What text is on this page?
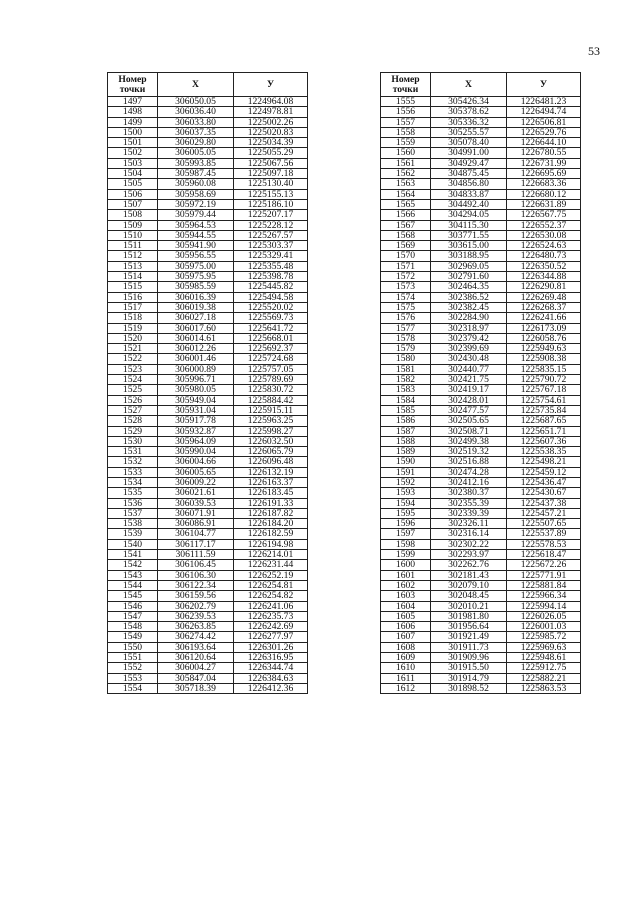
53
Номер
точки	X	У
1497	306050.05	1224964.08
1498	306036.40	1224978.81
1499	306033.80	1225002.26
1500	306037.35	1225020.83
1501	306029.80	1225034.39
1502	306005.05	1225055.29
1503	305993.85	1225067.56
1504	305987.45	1225097.18
1505	305960.08	1225130.40
1506	305958.69	1225155.13
1507	305972.19	1225186.10
1508	305979.44	1225207.17
1509	305964.53	1225228.12
1510	305944.55	1225267.57
1511	305941.90	1225303.37
1512	305956.55	1225329.41
1513	305975.00	1225355.48
1514	305975.95	1225398.78
1515	305985.59	1225445.82
1516	306016.39	1225494.58
1517	306019.38	1225520.02
1518	306027.18	1225569.73
1519	306017.60	1225641.72
1520	306014.61	1225668.01
1521	306012.26	1225692.37
1522	306001.46	1225724.68
1523	306000.89	1225757.05
1524	305996.71	1225789.69
1525	305980.05	1225830.72
1526	305949.04	1225884.42
1527	305931.04	1225915.11
1528	305917.78	1225963.25
1529	305932.87	1225998.27
1530	305964.09	1226032.50
1531	305990.04	1226065.79
1532	306004.66	1226096.48
1533	306005.65	1226132.19
1534	306009.22	1226163.37
1535	306021.61	1226183.45
1536	306039.53	1226191.33
1537	306071.91	1226187.82
1538	306086.91	1226184.20
1539	306104.77	1226182.59
1540	306117.17	1226194.98
1541	306111.59	1226214.01
1542	306106.45	1226231.44
1543	306106.30	1226252.19
1544	306122.34	1226254.81
1545	306159.56	1226254.82
1546	306202.79	1226241.06
1547	306239.53	1226235.73
1548	306263.85	1226242.69
1549	306274.42	1226277.97
1550	306193.64	1226301.26
1551	306120.64	1226316.95
1552	306004.27	1226344.74
1553	305847.04	1226384.63
1554	305718.39	1226412.36
Номер
точки	X	У
1555	305426.34	1226481.23
1556	305378.62	1226494.74
1557	305336.32	1226506.81
1558	305255.57	1226529.76
1559	305078.40	1226644.10
1560	304991.00	1226780.55
1561	304929.47	1226731.99
1562	304875.45	1226695.69
1563	304856.80	1226683.36
1564	304833.87	1226680.12
1565	304492.40	1226631.89
1566	304294.05	1226567.75
1567	304115.30	1226552.37
1568	303771.55	1226530.08
1569	303615.00	1226524.63
1570	303188.95	1226480.73
1571	302969.05	1226350.52
1572	302791.60	1226344.88
1573	302464.35	1226290.81
1574	302386.52	1226269.48
1575	302382.45	1226268.37
1576	302284.90	1226241.66
1577	302318.97	1226173.09
1578	302379.42	1226058.76
1579	302399.69	1225949.63
1580	302430.48	1225908.38
1581	302440.77	1225835.15
1582	302421.75	1225790.72
1583	302419.17	1225767.18
1584	302428.01	1225754.61
1585	302477.57	1225735.84
1586	302505.65	1225687.65
1587	302508.71	1225651.71
1588	302499.38	1225607.36
1589	302519.32	1225538.35
1590	302516.88	1225498.21
1591	302474.28	1225459.12
1592	302412.16	1225436.47
1593	302380.37	1225430.67
1594	302355.39	1225437.38
1595	302339.39	1225457.21
1596	302326.11	1225507.65
1597	302316.14	1225537.89
1598	302302.22	1225578.53
1599	302293.97	1225618.47
1600	302262.76	1225672.26
1601	302181.43	1225771.91
1602	302079.10	1225881.84
1603	302048.45	1225966.34
1604	302010.21	1225994.14
1605	301981.80	1226026.05
1606	301956.64	1226001.03
1607	301921.49	1225985.72
1608	301911.73	1225969.63
1609	301909.96	1225948.61
1610	301915.50	1225912.75
1611	301914.79	1225882.21
1612	301898.52	1225863.53
